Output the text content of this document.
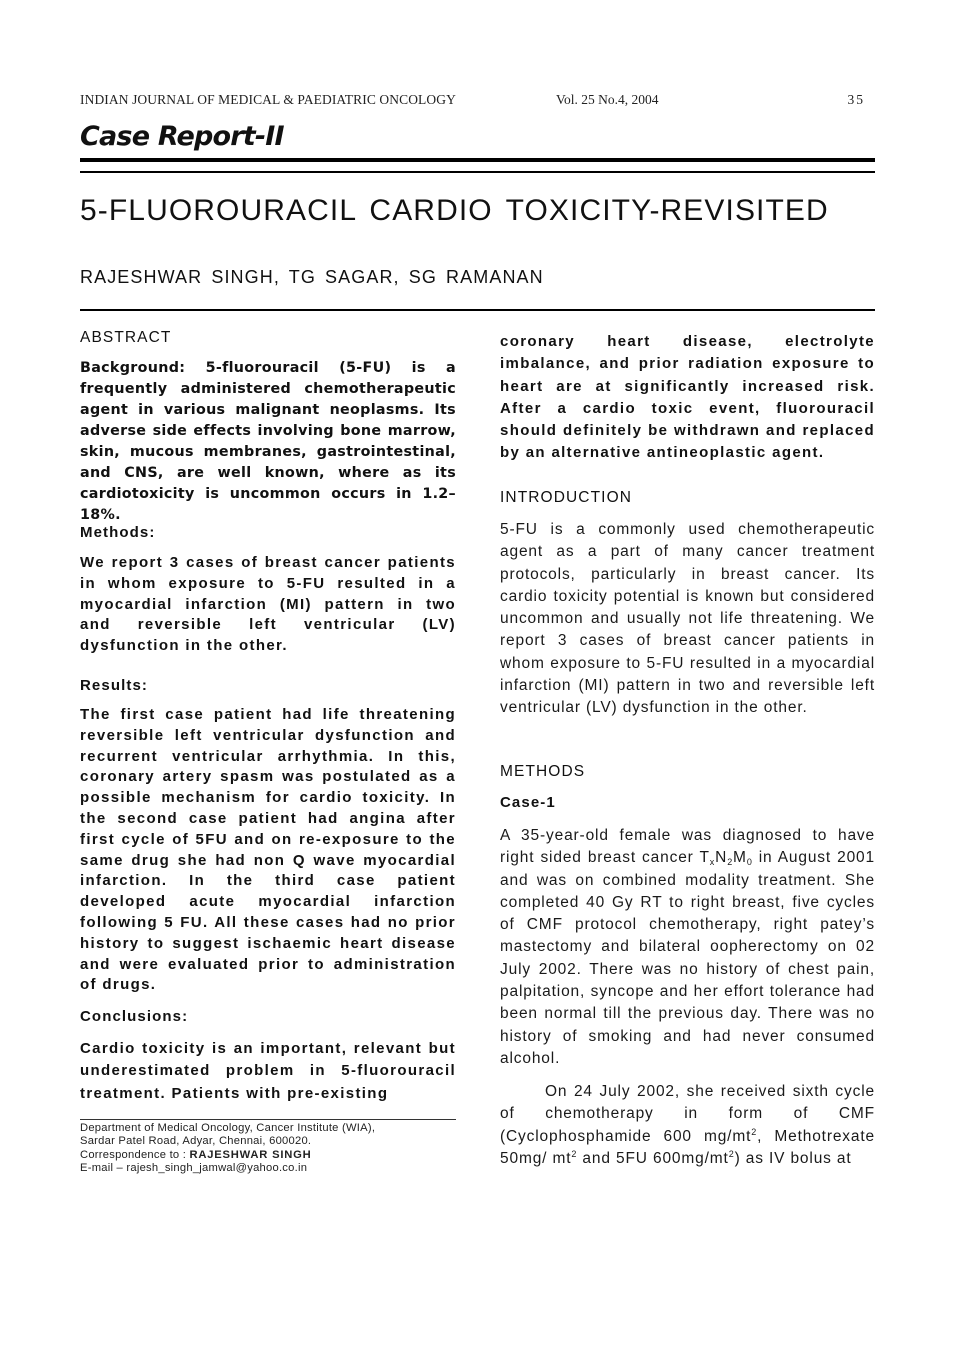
INDIAN JOURNAL OF MEDICAL & PAEDIATRIC ONCOLOGY	Vol. 25 No.4, 2004	35
Case Report-II
5-FLUOROURACIL CARDIO TOXICITY-REVISITED
RAJESHWAR SINGH, TG SAGAR, SG RAMANAN
ABSTRACT
Background: 5-fluorouracil (5-FU) is a frequently administered chemotherapeutic agent in various malignant neoplasms. Its adverse side effects involving bone marrow, skin, mucous membranes, gastrointestinal, and CNS, are well known, where as its cardiotoxicity is uncommon occurs in 1.2–18%.
Methods:
We report 3 cases of breast cancer patients in whom exposure to 5-FU resulted in a myocardial infarction (MI) pattern in two and reversible left ventricular (LV) dysfunction in the other.
Results:
The first case patient had life threatening reversible left ventricular dysfunction and recurrent ventricular arrhythmia. In this, coronary artery spasm was postulated as a possible mechanism for cardio toxicity. In the second case patient had angina after first cycle of 5FU and on re-exposure to the same drug she had non Q wave myocardial infarction. In the third case patient developed acute myocardial infarction following 5 FU. All these cases had no prior history to suggest ischaemic heart disease and were evaluated prior to administration of drugs.
Conclusions:
Cardio toxicity is an important, relevant but underestimated problem in 5-fluorouracil treatment. Patients with pre-existing
Department of Medical Oncology, Cancer Institute (WIA),
Sardar Patel Road, Adyar, Chennai, 600020.
Correspondence to : RAJESHWAR SINGH
E-mail – rajesh_singh_jamwal@yahoo.co.in
coronary heart disease, electrolyte imbalance, and prior radiation exposure to heart are at significantly increased risk. After a cardio toxic event, fluorouracil should definitely be withdrawn and replaced by an alternative antineoplastic agent.
INTRODUCTION
5-FU is a commonly used chemotherapeutic agent as a part of many cancer treatment protocols, particularly in breast cancer. Its cardio toxicity potential is known but considered uncommon and usually not life threatening. We report 3 cases of breast cancer patients in whom exposure to 5-FU resulted in a myocardial infarction (MI) pattern in two and reversible left ventricular (LV) dysfunction in the other.
METHODS
Case-1
A 35-year-old female was diagnosed to have right sided breast cancer $T_xN_2M_0$ in August 2001 and was on combined modality treatment. She completed 40 Gy RT to right breast, five cycles of CMF protocol chemotherapy, right patey’s mastectomy and bilateral oopherectomy on 02 July 2002. There was no history of chest pain, palpitation, syncope and her effort tolerance had been normal till the previous day. There was no history of smoking and had never consumed alcohol.
On 24 July 2002, she received sixth cycle of chemotherapy in form of CMF (Cyclophosphamide 600 $mg/mt^2$, Methotrexate 50mg/ $mt^2$ and 5FU $600mg/mt^2$) as IV bolus at
